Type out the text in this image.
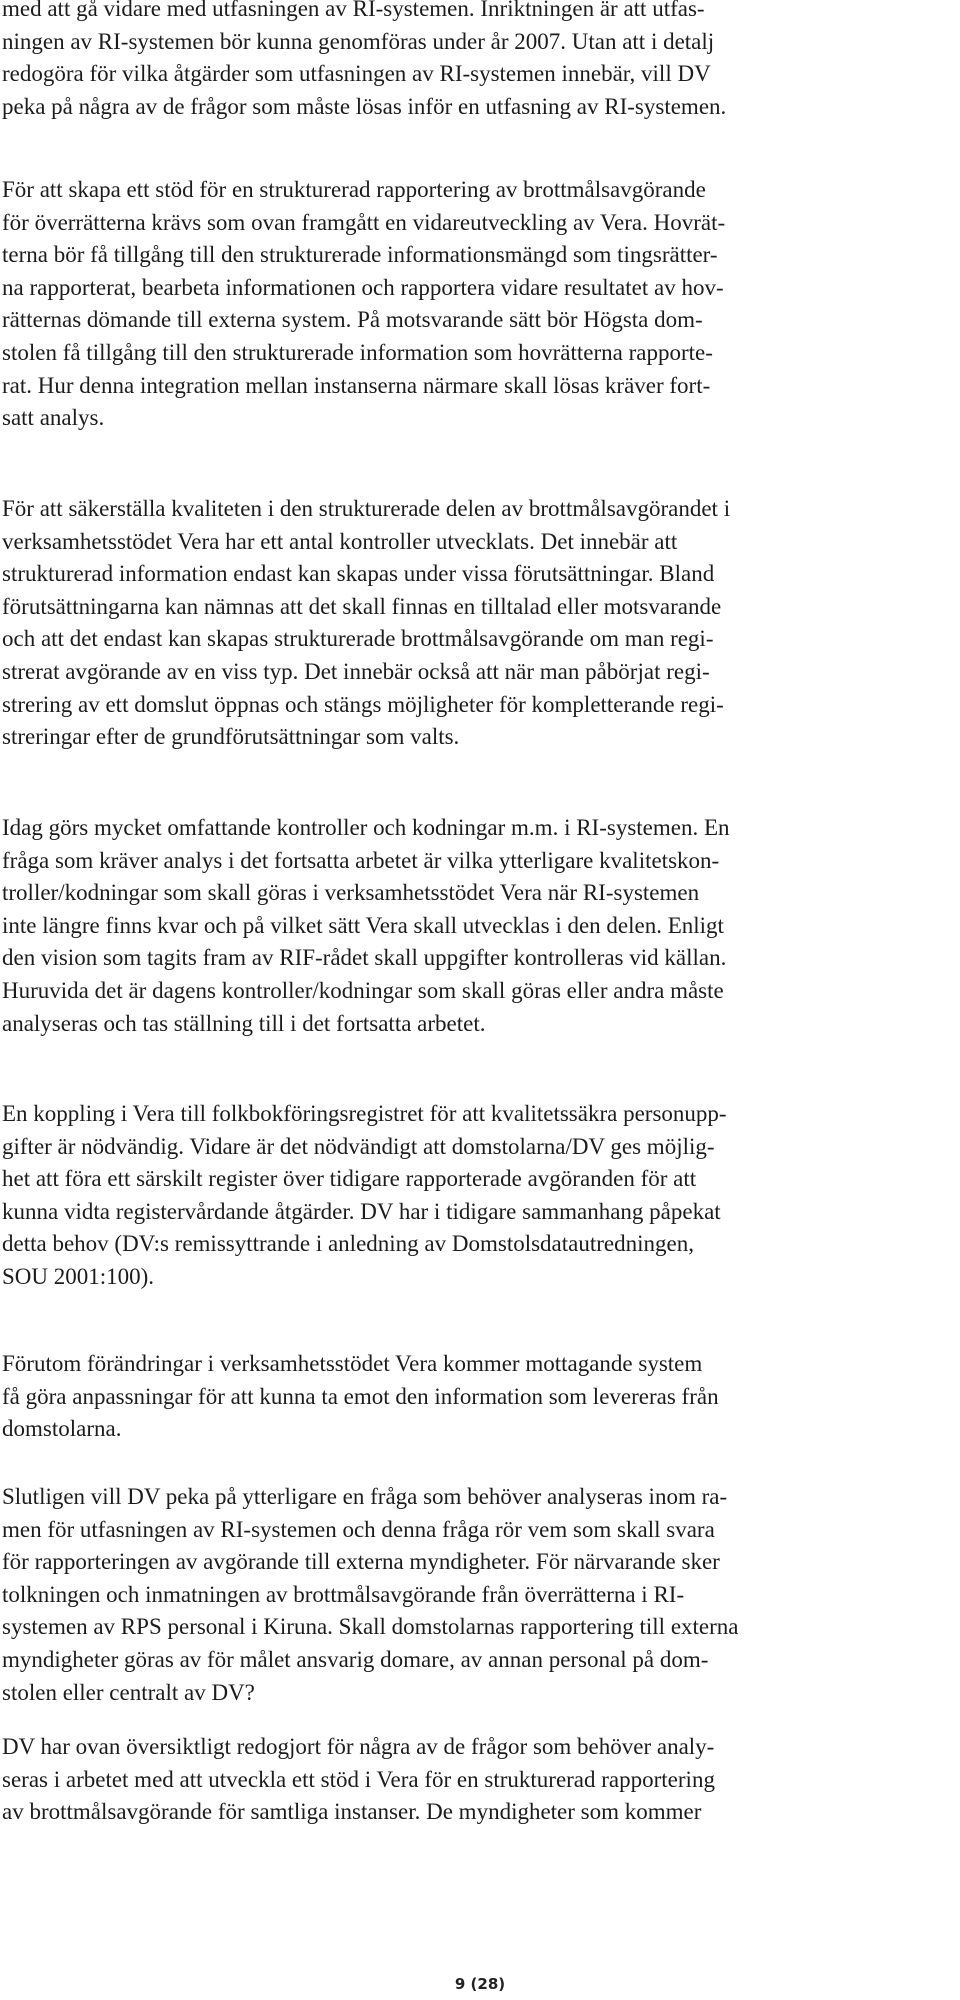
med att gå vidare med utfasningen av RI-systemen. Inriktningen är att utfas-
ningen av RI-systemen bör kunna genomföras under år 2007. Utan att i detalj
redogöra för vilka åtgärder som utfasningen av RI-systemen innebär, vill DV
peka på några av de frågor som måste lösas inför en utfasning av RI-systemen.

För att skapa ett stöd för en strukturerad rapportering av brottmålsavgörande
för överrätterna krävs som ovan framgått en vidareutveckling av Vera. Hovrät-
terna bör få tillgång till den strukturerade informationsmängd som tingsrätter-
na rapporterat, bearbeta informationen och rapportera vidare resultatet av hov-
rätternas dömande till externa system. På motsvarande sätt bör Högsta dom-
stolen få tillgång till den strukturerade information som hovrätterna rapporte-
rat. Hur denna integration mellan instanserna närmare skall lösas kräver fort-
satt analys.

För att säkerställa kvaliteten i den strukturerade delen av brottmålsavgörandet i
verksamhetsstödet Vera har ett antal kontroller utvecklats. Det innebär att
strukturerad information endast kan skapas under vissa förutsättningar. Bland
förutsättningarna kan nämnas att det skall finnas en tilltalad eller motsvarande
och att det endast kan skapas strukturerade brottmålsavgörande om man regi-
strerat avgörande av en viss typ. Det innebär också att när man påbörjat regi-
strering av ett domslut öppnas och stängs möjligheter för kompletterande regi-
streringar efter de grundförutsättningar som valts.

Idag görs mycket omfattande kontroller och kodningar m.m. i RI-systemen. En
fråga som kräver analys i det fortsatta arbetet är vilka ytterligare kvalitetskon-
troller/kodningar som skall göras i verksamhetsstödet Vera när RI-systemen
inte längre finns kvar och på vilket sätt Vera skall utvecklas i den delen. Enligt
den vision som tagits fram av RIF-rådet skall uppgifter kontrolleras vid källan.
Huruvida det är dagens kontroller/kodningar som skall göras eller andra måste
analyseras och tas ställning till i det fortsatta arbetet.

En koppling i Vera till folkbokföringsregistret för att kvalitetssäkra personupp-
gifter är nödvändig. Vidare är det nödvändigt att domstolarna/DV ges möjlig-
het att föra ett särskilt register över tidigare rapporterade avgöranden för att
kunna vidta registervårdande åtgärder. DV har i tidigare sammanhang påpekat
detta behov (DV:s remissyttrande i anledning av Domstolsdatautredningen,
SOU 2001:100).

Förutom förändringar i verksamhetsstödet Vera kommer mottagande system
få göra anpassningar för att kunna ta emot den information som levereras från
domstolarna.

Slutligen vill DV peka på ytterligare en fråga som behöver analyseras inom ra-
men för utfasningen av RI-systemen och denna fråga rör vem som skall svara
för rapporteringen av avgörande till externa myndigheter. För närvarande sker
tolkningen och inmatningen av brottmålsavgörande från överrätterna i RI-
systemen av RPS personal i Kiruna. Skall domstolarnas rapportering till externa
myndigheter göras av för målet ansvarig domare, av annan personal på dom-
stolen eller centralt av DV?

DV har ovan översiktligt redogjort för några av de frågor som behöver analy-
seras i arbetet med att utveckla ett stöd i Vera för en strukturerad rapportering
av brottmålsavgörande för samtliga instanser. De myndigheter som kommer

9 (28)
